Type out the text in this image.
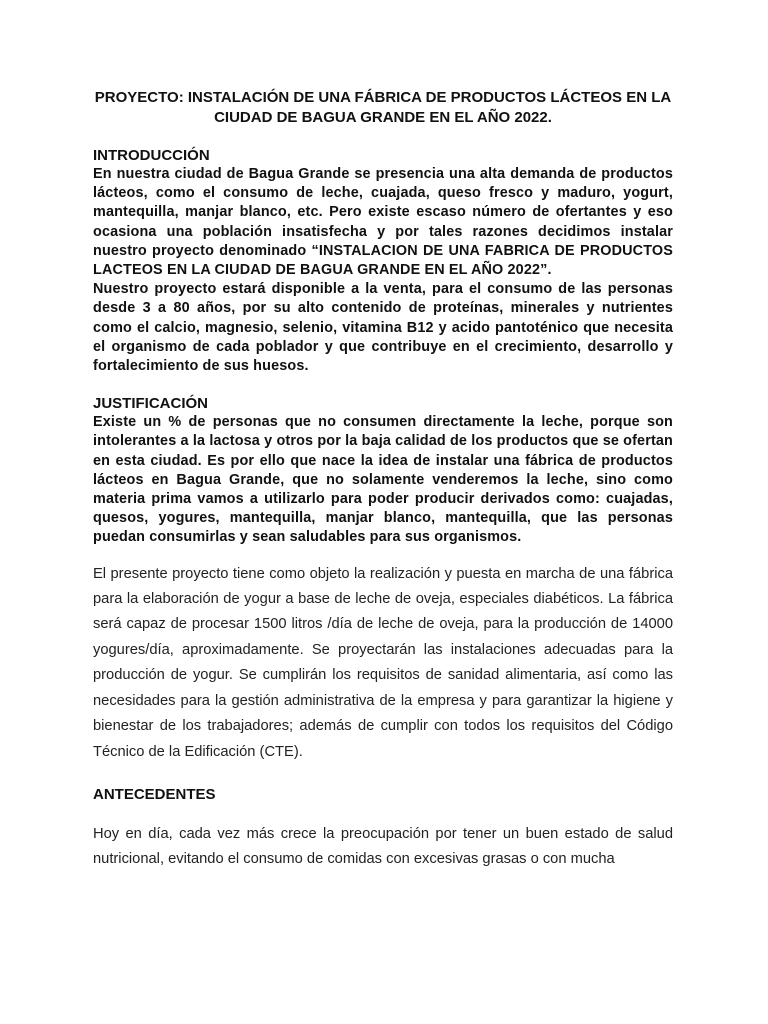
PROYECTO: INSTALACIÓN DE UNA FÁBRICA DE PRODUCTOS LÁCTEOS EN LA CIUDAD DE BAGUA GRANDE EN EL AÑO 2022.

INTRODUCCIÓN

En nuestra ciudad de Bagua Grande se presencia una alta demanda de productos lácteos, como el consumo de leche, cuajada, queso fresco y maduro, yogurt, mantequilla, manjar blanco, etc. Pero existe escaso número de ofertantes y eso ocasiona una población insatisfecha y por tales razones decidimos instalar nuestro proyecto denominado “INSTALACION DE UNA FABRICA DE PRODUCTOS LACTEOS EN LA CIUDAD DE BAGUA GRANDE EN EL AÑO 2022”.

Nuestro proyecto estará disponible a la venta, para el consumo de las personas desde 3 a 80 años, por su alto contenido de proteínas, minerales y nutrientes como el calcio, magnesio, selenio, vitamina B12 y acido pantoténico que necesita el organismo de cada poblador y que contribuye en el crecimiento, desarrollo y fortalecimiento de sus huesos.

JUSTIFICACIÓN

Existe un % de personas que no consumen directamente la leche, porque son intolerantes a la lactosa y otros por la baja calidad de los productos que se ofertan en esta ciudad. Es por ello que nace la idea de instalar una fábrica de productos lácteos en Bagua Grande, que no solamente venderemos la leche, sino como materia prima vamos a utilizarlo para poder producir derivados como: cuajadas, quesos, yogures, mantequilla, manjar blanco, mantequilla, que las personas puedan consumirlas y sean saludables para sus organismos.

El presente proyecto tiene como objeto la realización y puesta en marcha de una fábrica para la elaboración de yogur a base de leche de oveja, especiales diabéticos. La fábrica será capaz de procesar 1500 litros /día de leche de oveja, para la producción de 14000 yogures/día, aproximadamente. Se proyectarán las instalaciones adecuadas para la producción de yogur. Se cumplirán los requisitos de sanidad alimentaria, así como las necesidades para la gestión administrativa de la empresa y para garantizar la higiene y bienestar de los trabajadores; además de cumplir con todos los requisitos del Código Técnico de la Edificación (CTE).

ANTECEDENTES

Hoy en día, cada vez más crece la preocupación por tener un buen estado de salud nutricional, evitando el consumo de comidas con excesivas grasas o con mucha
